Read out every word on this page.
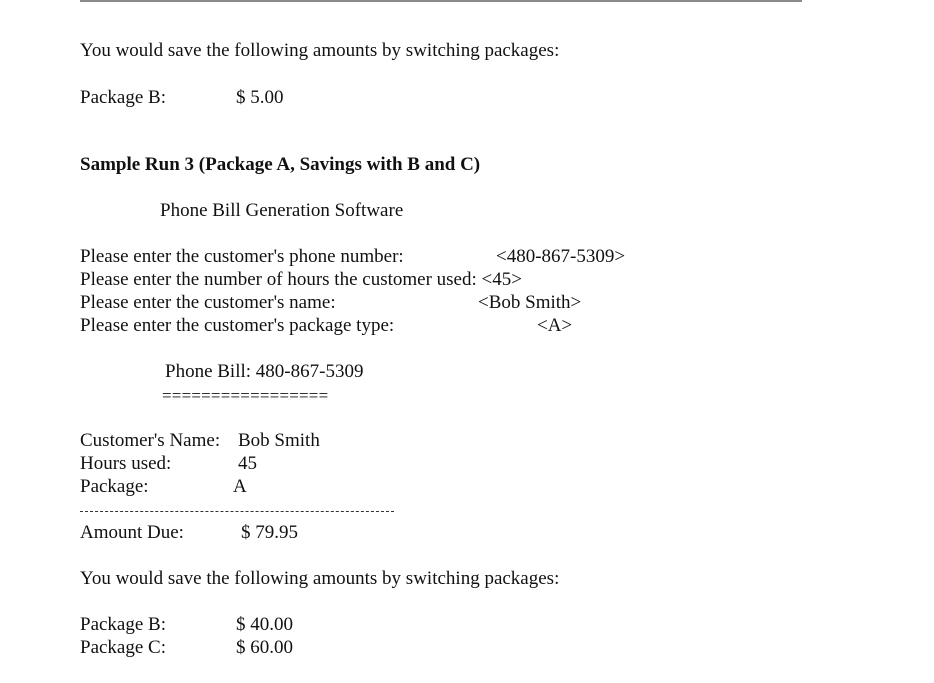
You would save the following amounts by switching packages:
Package B:	$ 5.00
Sample Run 3 (Package A, Savings with B and C)
Phone Bill Generation Software
Please enter the customer's phone number:	<480-867-5309>
Please enter the number of hours the customer used: <45>
Please enter the customer's name:	<Bob Smith>
Please enter the customer's package type:	<A>
Phone Bill: 480-867-5309
=================
Customer's Name: Bob Smith
Hours used:	45
Package:	A
Amount Due:	$ 79.95
You would save the following amounts by switching packages:
Package B:	$ 40.00
Package C:	$ 60.00
